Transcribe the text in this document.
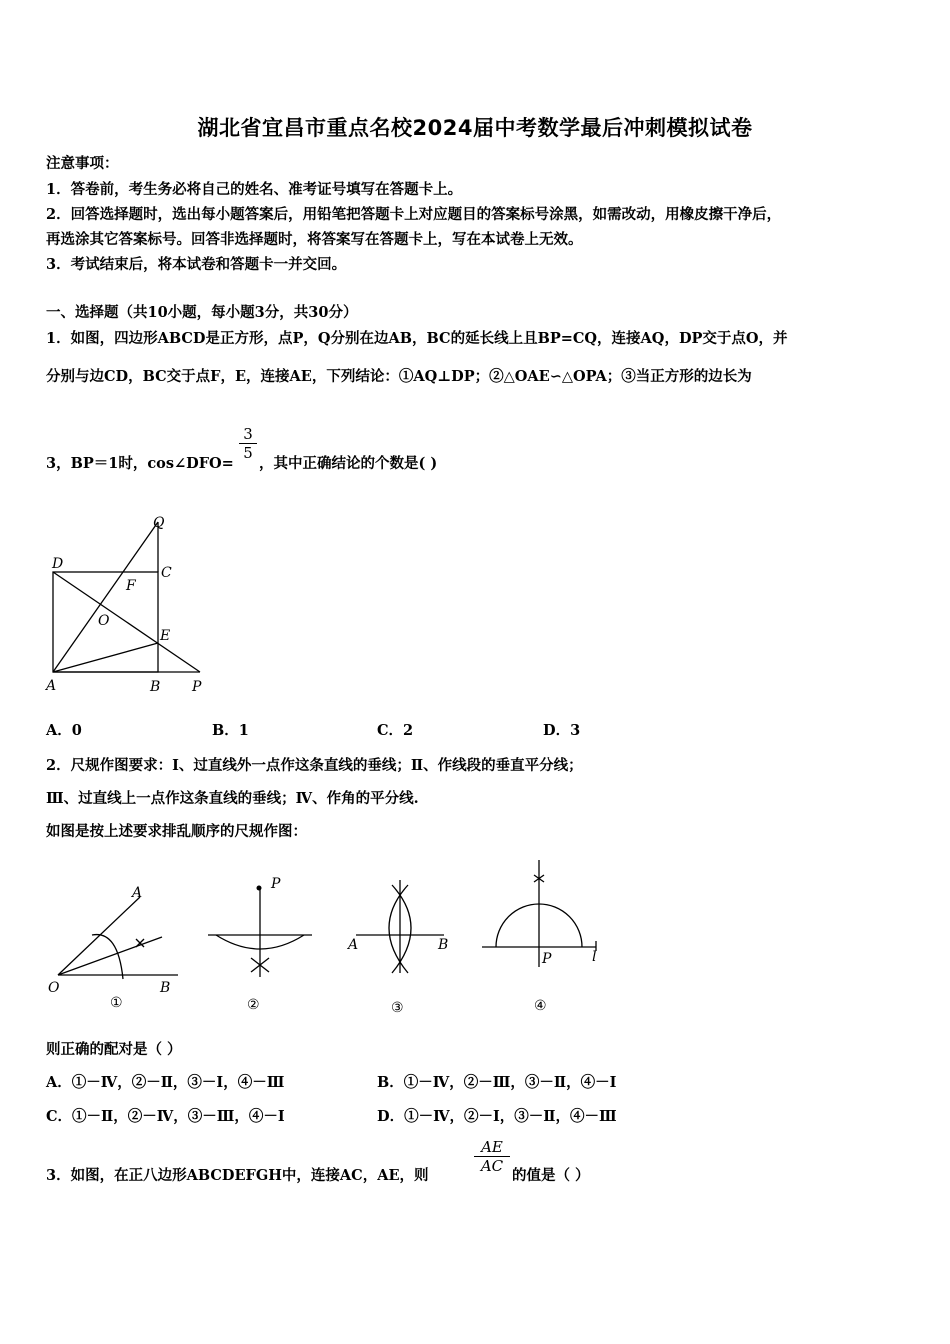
湖北省宜昌市重点名校2024届中考数学最后冲刺模拟试卷
注意事项：
1．答卷前，考生务必将自己的姓名、准考证号填写在答题卡上。
2．回答选择题时，选出每小题答案后，用铅笔把答题卡上对应题目的答案标号涂黑，如需改动，用橡皮擦干净后，
再选涂其它答案标号。回答非选择题时，将答案写在答题卡上，写在本试卷上无效。
3．考试结束后，将本试卷和答题卡一并交回。
一、选择题（共10小题，每小题3分，共30分）
1．如图，四边形ABCD是正方形，点P，Q分别在边AB，BC的延长线上且BP=CQ，连接AQ，DP交于点O，并
分别与边CD，BC交于点F，E，连接AE，下列结论：①AQ⊥DP；②△OAE∽△OPA；③当正方形的边长为
3，BP＝1时，cos∠DFO=
3
5
，其中正确结论的个数是( )
Q
D
C
F
O
E
A	B P
A．0	B．1	C．2	D．3
2．尺规作图要求：Ⅰ、过直线外一点作这条直线的垂线；Ⅱ、作线段的垂直平分线；
Ⅲ、过直线上一点作这条直线的垂线；Ⅳ、作角的平分线.
如图是按上述要求排乱顺序的尺规作图：
A
O	B
①
P
②
A	B
③
P	l
④
则正确的配对是（ ）
A．①－Ⅳ，②－Ⅱ，③－Ⅰ，④－Ⅲ	B．①－Ⅳ，②－Ⅲ，③－Ⅱ，④－Ⅰ
C．①－Ⅱ，②－Ⅳ，③－Ⅲ，④－Ⅰ	D．①－Ⅳ，②－Ⅰ，③－Ⅱ，④－Ⅲ
3．如图，在正八边形ABCDEFGH中，连接AC，AE，则
AE
AC
的值是（ ）
